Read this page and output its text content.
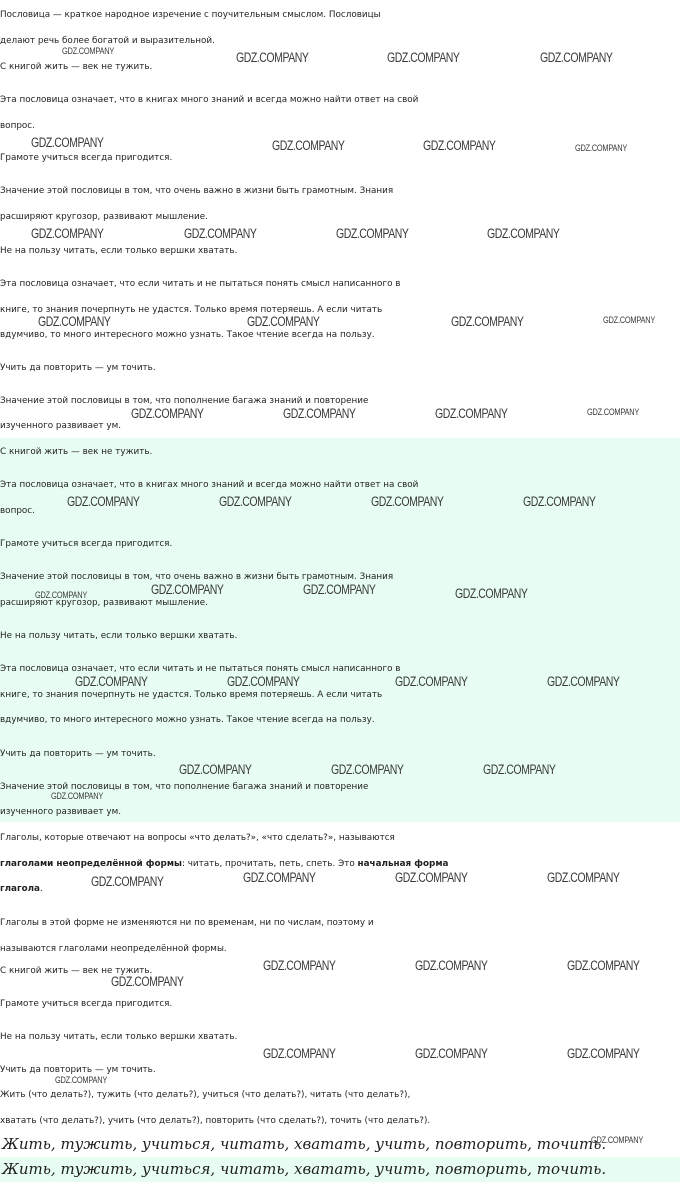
Пословица — краткое народное изречение с поучительным смыслом. Пословицы
делают речь более богатой и выразительной.
С книгой жить — век не тужить.
Эта пословица означает, что в книгах много знаний и всегда можно найти ответ на свой
вопрос.
Грамоте учиться всегда пригодится.
Значение этой пословицы в том, что очень важно в жизни быть грамотным. Знания
расширяют кругозор, развивают мышление.
Не на пользу читать, если только вершки хватать.
Эта пословица означает, что если читать и не пытаться понять смысл написанного в
книге, то знания почерпнуть не удастся. Только время потеряешь. А если читать
вдумчиво, то много интересного можно узнать. Такое чтение всегда на пользу.
Учить да повторить — ум точить.
Значение этой пословицы в том, что пополнение багажа знаний и повторение
изученного развивает ум.
С книгой жить — век не тужить.
Эта пословица означает, что в книгах много знаний и всегда можно найти ответ на свой
вопрос.
Грамоте учиться всегда пригодится.
Значение этой пословицы в том, что очень важно в жизни быть грамотным. Знания
расширяют кругозор, развивают мышление.
Не на пользу читать, если только вершки хватать.
Эта пословица означает, что если читать и не пытаться понять смысл написанного в
книге, то знания почерпнуть не удастся. Только время потеряешь. А если читать
вдумчиво, то много интересного можно узнать. Такое чтение всегда на пользу.
Учить да повторить — ум точить.
Значение этой пословицы в том, что пополнение багажа знаний и повторение
изученного развивает ум.
Глаголы, которые отвечают на вопросы «что делать?», «что сделать?», называются
глаголами неопределённой формы: читать, прочитать, петь, спеть. Это начальная форма
глагола.
Глаголы в этой форме не изменяются ни по временам, ни по числам, поэтому и
называются глаголами неопределённой формы.
С книгой жить — век не тужить.
Грамоте учиться всегда пригодится.
Не на пользу читать, если только вершки хватать.
Учить да повторить — ум точить.
Жить (что делать?), тужить (что делать?), учиться (что делать?), читать (что делать?),
хватать (что делать?), учить (что делать?), повторить (что сделать?), точить (что делать?).
Жить, тужить, учиться, читать, хватать, учить, повторить, точить.
Жить, тужить, учиться, читать, хватать, учить, повторить, точить.
GDZ.COMPANY	GDZ.COMPANY	GDZ.COMPANY	GDZ.COMPANY
GDZ.COMPANY	GDZ.COMPANY	GDZ.COMPANY	GDZ.COMPANY
GDZ.COMPANY	GDZ.COMPANY	GDZ.COMPANY	GDZ.COMPANY
GDZ.COMPANY	GDZ.COMPANY	GDZ.COMPANY	GDZ.COMPANY
GDZ.COMPANY	GDZ.COMPANY	GDZ.COMPANY	GDZ.COMPANY
GDZ.COMPANY	GDZ.COMPANY	GDZ.COMPANY	GDZ.COMPANY
GDZ.COMPANY	GDZ.COMPANY	GDZ.COMPANY	GDZ.COMPANY
GDZ.COMPANY	GDZ.COMPANY	GDZ.COMPANY	GDZ.COMPANY
GDZ.COMPANY	GDZ.COMPANY	GDZ.COMPANY
GDZ.COMPANY
GDZ.COMPANY	GDZ.COMPANY	GDZ.COMPANY	GDZ.COMPANY
GDZ.COMPANY	GDZ.COMPANY	GDZ.COMPANY
GDZ.COMPANY
GDZ.COMPANY	GDZ.COMPANY	GDZ.COMPANY
GDZ.COMPANY
GDZ.COMPANY
